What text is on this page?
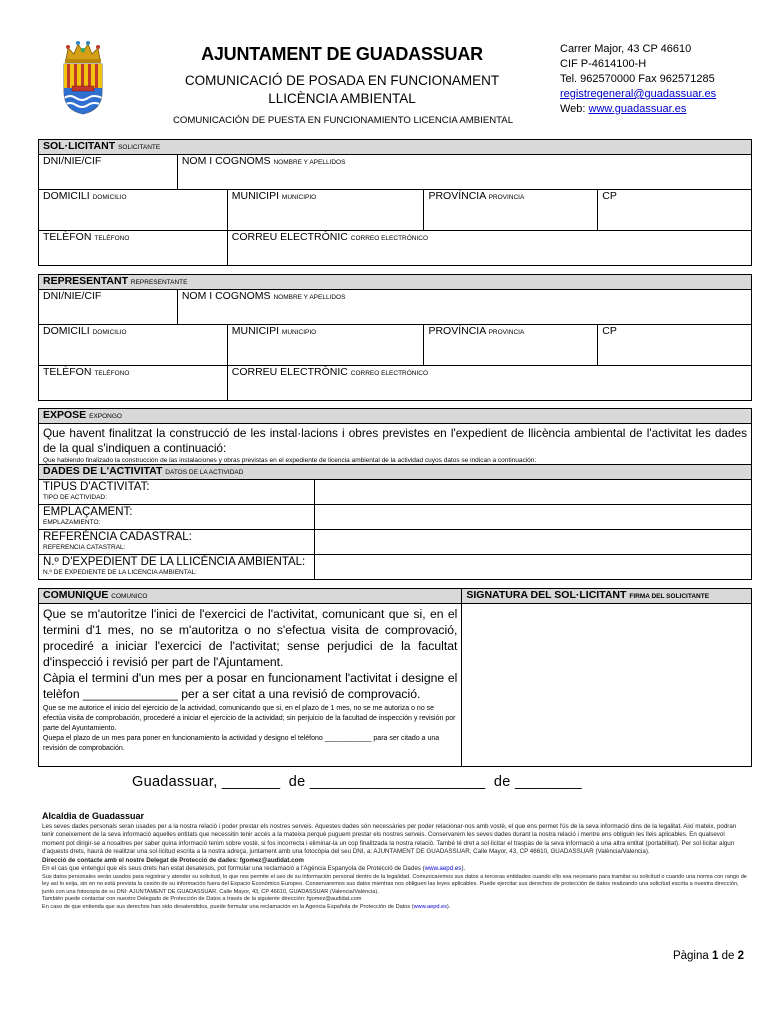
AJUNTAMENT DE GUADASSUAR
COMUNICACIÓ DE POSADA EN FUNCIONAMENT
LLICÈNCIA AMBIENTAL
COMUNICACIÓN DE PUESTA EN FUNCIONAMIENTO LICENCIA AMBIENTAL
Carrer Major, 43 CP 46610
CIF P-4614100-H
Tel. 962570000 Fax 962571285
registregeneral@guadassuar.es
Web: www.guadassuar.es
SOL·LICITANT SOLICITANTE				
DNI/NIE/CIF	NOM I COGNOMS NOMBRE Y APELLIDOS			

DOMICILI DOMICILIO		MUNICIPI MUNICIPIO	PROVÍNCIA PROVINCIA	CP
TELÈFON TELÉFONO		CORREU ELECTRÒNIC CORREO ELECTRÓNICO		
REPRESENTANT REPRESENTANTE				
DNI/NIE/CIF	NOM I COGNOMS NOMBRE Y APELLIDOS			

DOMICILI DOMICILIO		MUNICIPI MUNICIPIO	PROVÍNCIA PROVINCIA	CP
TELÈFON TELÉFONO		CORREU ELECTRÒNIC CORREO ELECTRÓNICO		
EXPOSE EXPONGO

Que havent finalitzat la construcció de les instal·lacions i obres previstes en l'expedient de llicència ambiental de l'activitat les dades de la qual s'indiquen a continuació:
Que habiendo finalizado la construcción de las instalaciones y obras previstas en el expediente de licencia ambiental de la actividad cuyos datos se indican a continuación:
DADES DE L'ACTIVITAT DATOS DE LA ACTIVIDAD	

TIPUS D'ACTIVITAT:
TIPO DE ACTIVIDAD:	

EMPLAÇAMENT:
EMPLAZAMIENTO:	

REFERÈNCIA CADASTRAL:
REFERENCIA CATASTRAL:	

N.º D'EXPEDIENT DE LA LLICÈNCIA AMBIENTAL:
N.º DE EXPEDIENTE DE LA LICENCIA AMBIENTAL:	

COMUNIQUE COMUNICO	SIGNATURA DEL SOL·LICITANT FIRMA DEL SOLICITANTE

Que se m'autoritze l'inici de l'exercici de l'activitat, comunicant que si, en el termini d'1 mes, no se m'autoritza o no s'efectua visita de comprovació, procediré a iniciar l'exercici de l'activitat; sense perjudici de la facultat d'inspecció i revisió per part de l'Ajuntament.
Càpia el termini d'un mes per a posar en funcionament l'activitat i designe el telèfon ______________ per a ser citat a una revisió de comprovació.
Que se me autorice el inicio del ejercicio de la actividad, comunicando que si, en el plazo de 1 mes, no se me autoriza o no se efectúa visita de comprobación, procederé a iniciar el ejercicio de la actividad; sin perjuicio de la facultad de inspección y revisión por parte del Ayuntamiento.
Quepa el plazo de un mes para poner en funcionamiento la actividad y designo el teléfono ____________ para ser citado a una revisión de comprobación.	

Guadassuar, _______ de _____________________ de ________
Alcaldia de Guadassuar
Les seves dades personals seran usades per a la nostra relació i poder prestar els nostres serveis. Aquestes dades són necessàries per poder relacionar-nos amb vostè, el que ens permet l'ús de la seva informació dins de la legalitat. Així mateix, podran tenir coneixement de la seva informació aquelles entitats que necessitin tenir accés a la mateixa perquè puguem prestar els nostres serveis. Conservarem les seves dades durant la nostra relació i mentre ens obliguin les lleis aplicables. En qualsevol moment pot dirigir-se a nosaltres per saber quina informació tenim sobre vostè, si fos incorrecta i eliminar-la un cop finalitzada la nostra relació. També té dret a sol·licitar el traspàs de la seva informació a una altra entitat (portabilitat). Per sol·licitar algun d'aquests drets, haurà de realitzar una sol·licitud escrita a la nostra adreça, juntament amb una fotocòpia del seu DNI, a: AJUNTAMENT DE GUADASSUAR, Calle Mayor, 43, CP 46610, GUADASSUAR (València/Valencia).
Direcció de contacte amb el nostre Delegat de Protecció de dades: fgomez@audidat.com
En el cas que entengui que els seus drets han estat desatesos, pot formular una reclamació a l'Agència Espanyola de Protecció de Dades (www.aepd.es).
Sus datos personales serán usados para registrar y atender su solicitud, lo que nos permite el uso de su información personal dentro de la legalidad. Comunicaremos sus datos a terceras entidades cuando ello sea necesario para tramitar su solicitud o cuando una norma con rango de ley así lo exija, sin en no está prevista la cesión de su información fuera del Espacio Económico Europeo. Conservaremos sus datos mientras nos obliguen las leyes aplicables. Puede ejercitar sus derechos de protección de datos realizando una solicitud escrita a nuestra dirección, junto con una fotocopia de su DNI: AJUNTAMENT DE GUADASSUAR, Calle Mayor, 43, CP 46610, GUADASSUAR (Valencia/València).
También puede contactar con nuestro Delegado de Protección de Datos a través de la siguiente dirección: fgomez@audidat.com
En caso de que entienda que sus derechos han sido desatendidos, puede formular una reclamación en la Agencia Española de Protección de Datos (www.aepd.es).
Pàgina 1 de 2
